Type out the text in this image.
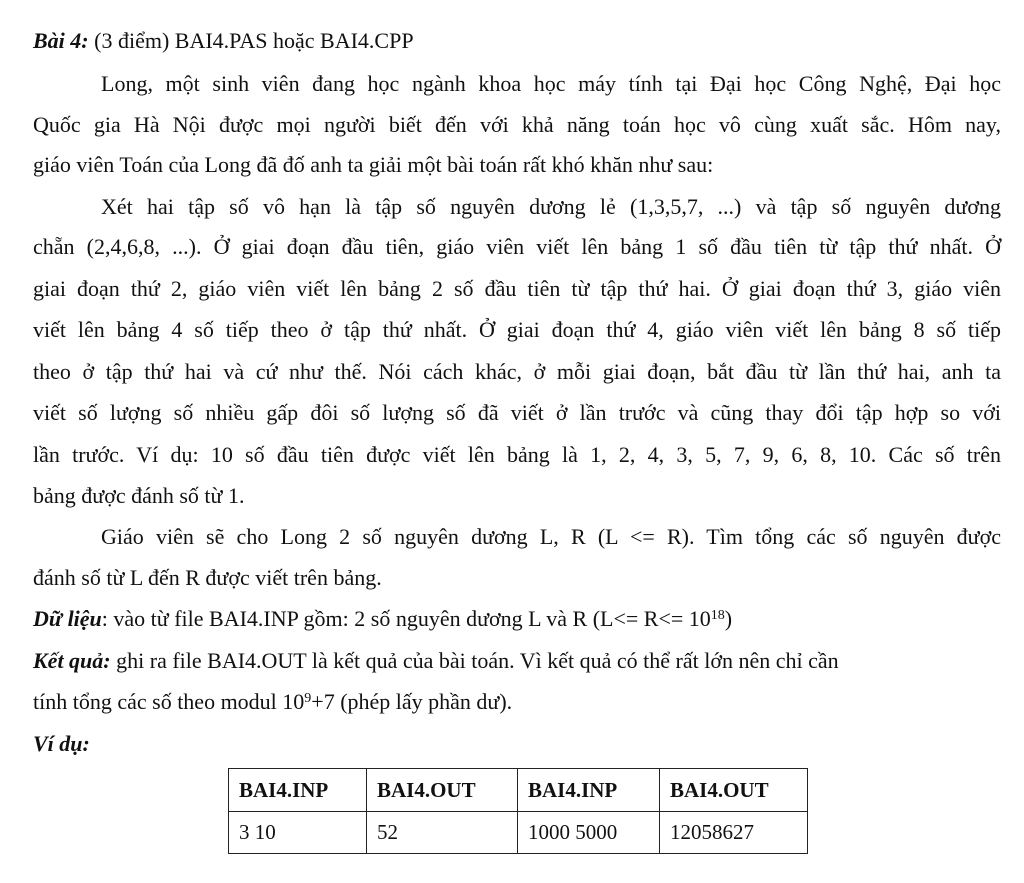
Bài 4: (3 điểm) BAI4.PAS hoặc BAI4.CPP
Long, một sinh viên đang học ngành khoa học máy tính tại Đại học Công Nghệ, Đại học
Quốc gia Hà Nội được mọi người biết đến với khả năng toán học vô cùng xuất sắc. Hôm nay,
giáo viên Toán của Long đã đố anh ta giải một bài toán rất khó khăn như sau:
Xét hai tập số vô hạn là tập số nguyên dương lẻ (1,3,5,7, ...) và tập số nguyên dương
chẵn (2,4,6,8, ...). Ở giai đoạn đầu tiên, giáo viên viết lên bảng 1 số đầu tiên từ tập thứ nhất. Ở
giai đoạn thứ 2, giáo viên viết lên bảng 2 số đầu tiên từ tập thứ hai. Ở giai đoạn thứ 3, giáo viên
viết lên bảng 4 số tiếp theo ở tập thứ nhất. Ở giai đoạn thứ 4, giáo viên viết lên bảng 8 số tiếp
theo ở tập thứ hai và cứ như thế. Nói cách khác, ở mỗi giai đoạn, bắt đầu từ lần thứ hai, anh ta
viết số lượng số nhiều gấp đôi số lượng số đã viết ở lần trước và cũng thay đổi tập hợp so với
lần trước. Ví dụ: 10 số đầu tiên được viết lên bảng là 1, 2, 4, 3, 5, 7, 9, 6, 8, 10. Các số trên
bảng được đánh số từ 1.
Giáo viên sẽ cho Long 2 số nguyên dương L, R (L <= R). Tìm tổng các số nguyên được
đánh số từ L đến R được viết trên bảng.
Dữ liệu: vào từ file BAI4.INP gồm: 2 số nguyên dương L và R $(L<= R<= 10^{18})$
Kết quả: ghi ra file BAI4.OUT là kết quả của bài toán. Vì kết quả có thể rất lớn nên chỉ cần
tính tổng các số theo modul $10^9+7$ (phép lấy phần dư).
Ví dụ:
BAI4.INP	BAI4.OUT	BAI4.INP	BAI4.OUT
3 10	52	1000 5000	12058627
